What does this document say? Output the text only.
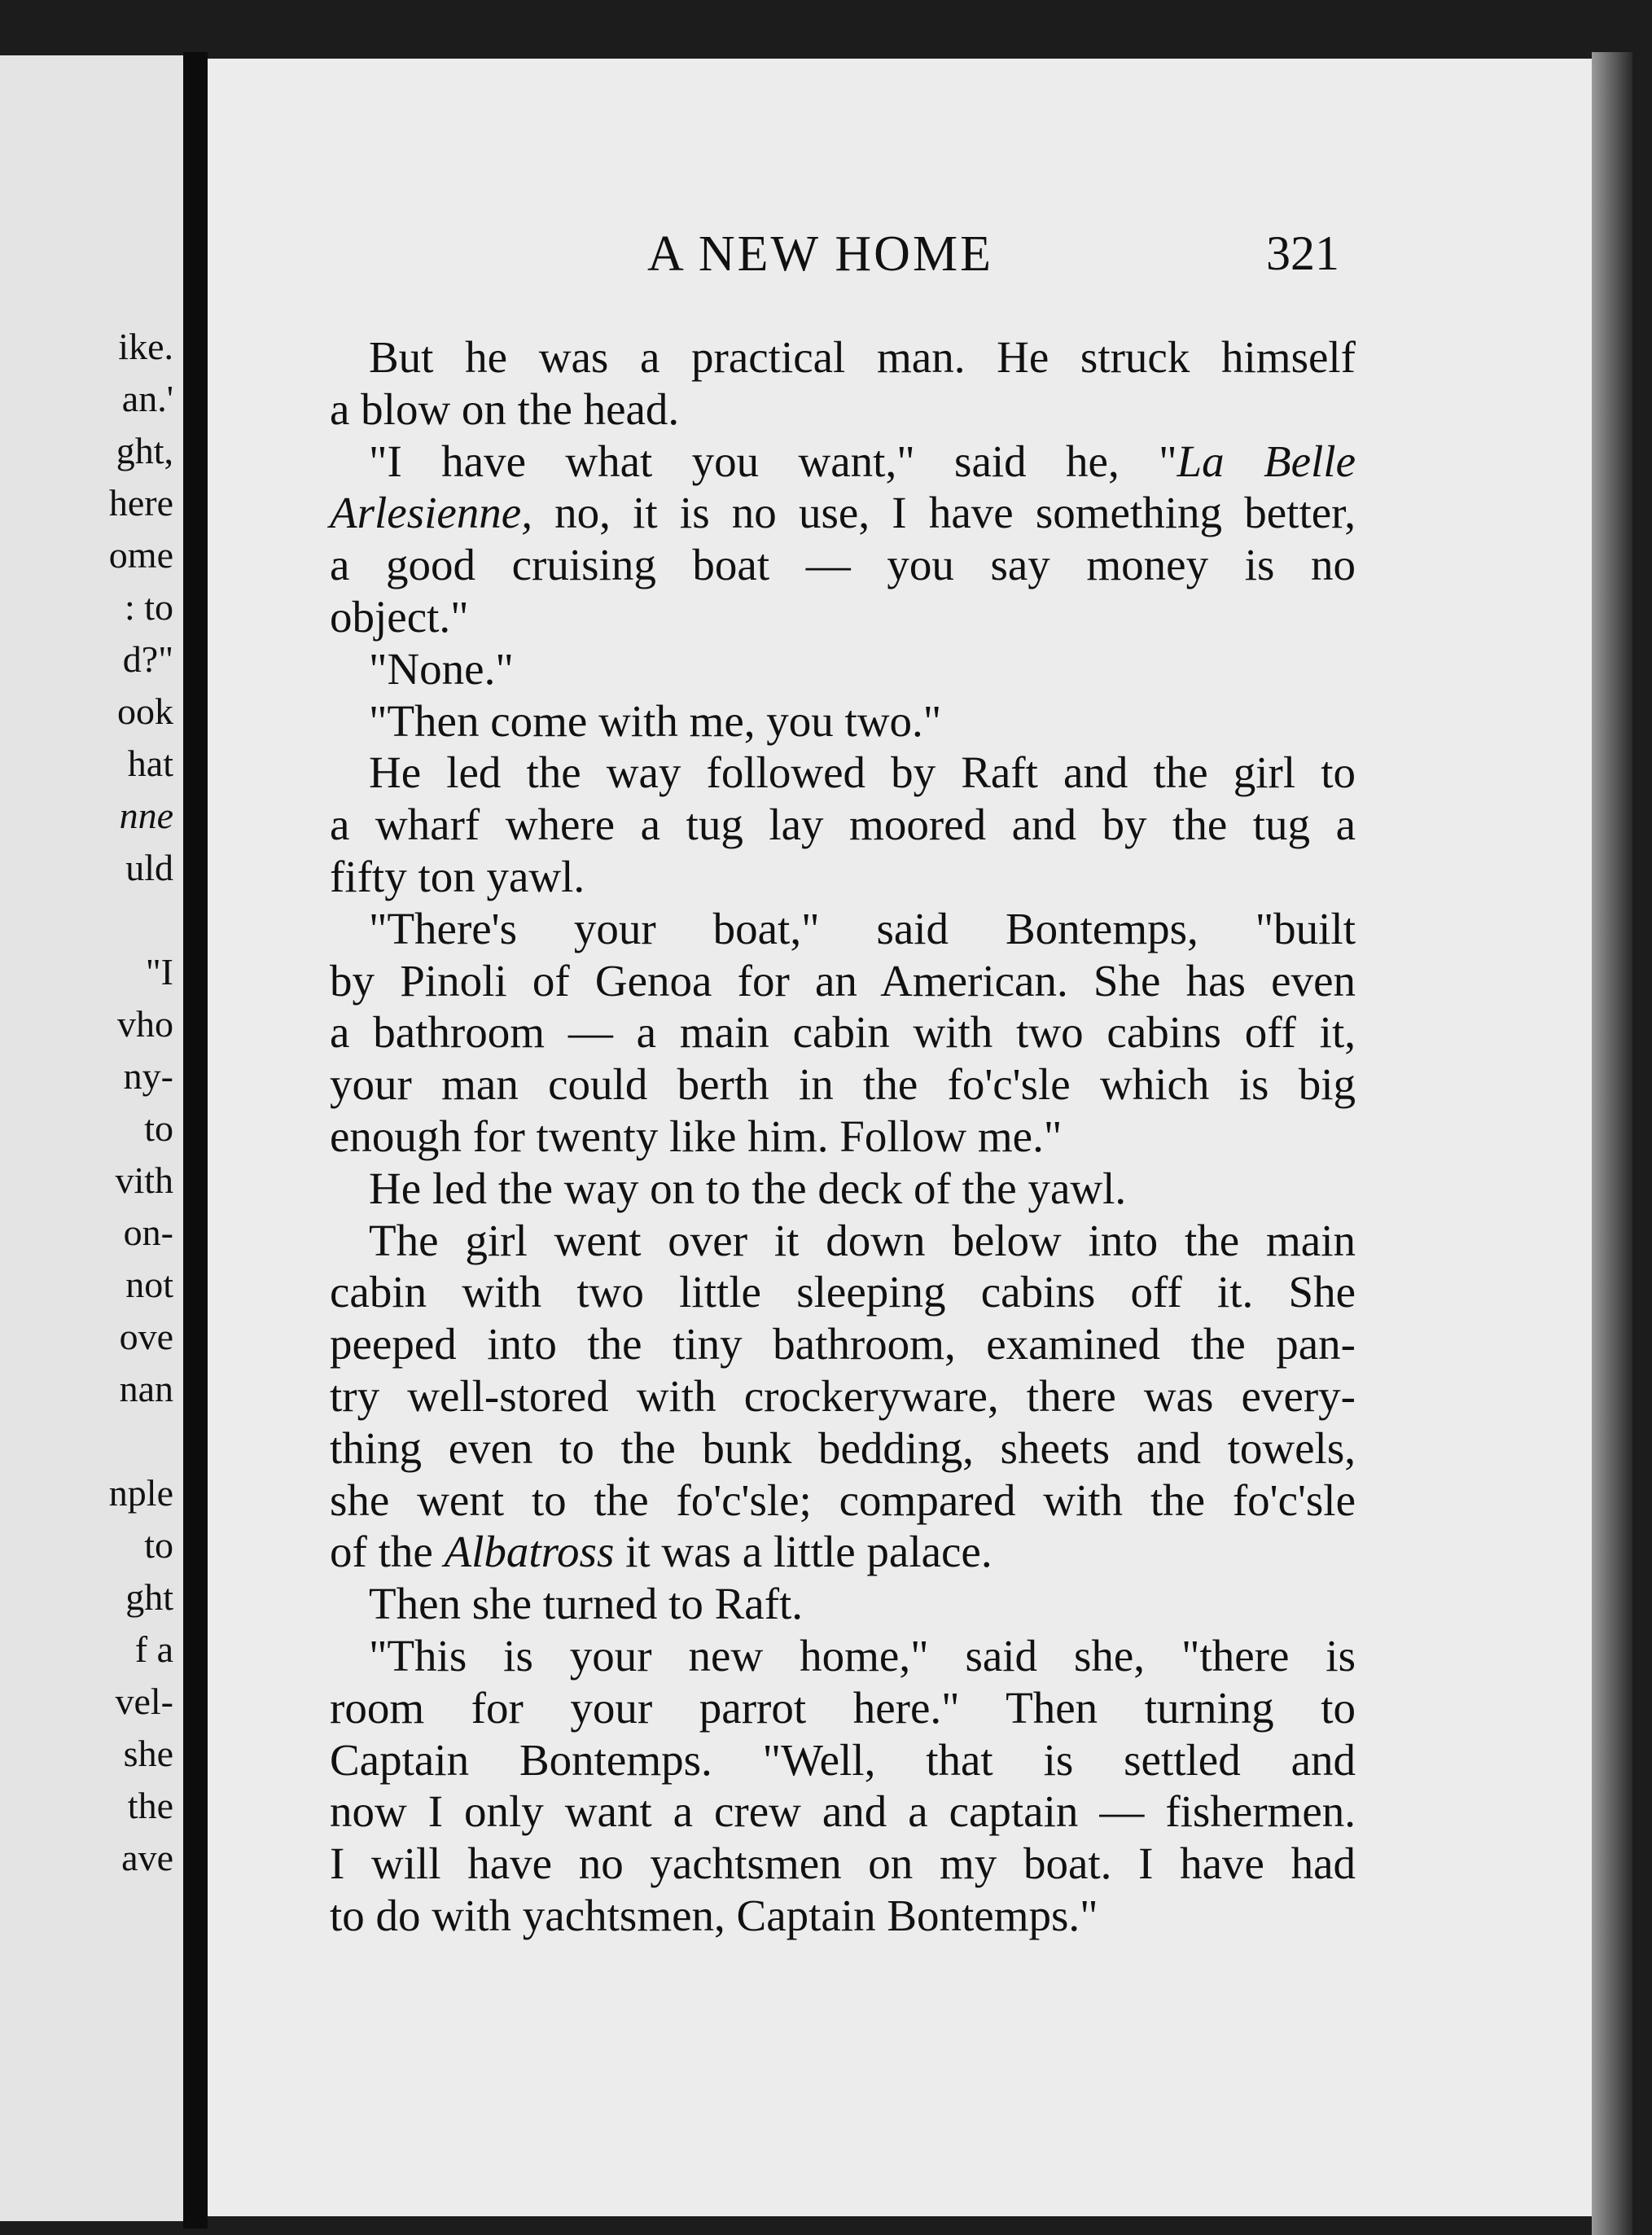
ike.
an.'
ght,
here
ome
: to
d?"
ook
hat
nne
uld
"I
vho
ny-
to
vith
on-
not
ove
nan
nple
to
ght
f a
vel-
she
the
ave
A NEW HOME	321
But he was a practical man. He struck himself
a blow on the head.
"I have what you want," said he, "La Belle
Arlesienne, no, it is no use, I have something better,
a good cruising boat — you say money is no
object."
"None."
"Then come with me, you two."
He led the way followed by Raft and the girl to
a wharf where a tug lay moored and by the tug a
fifty ton yawl.
"There's your boat," said Bontemps, "built
by Pinoli of Genoa for an American. She has even
a bathroom — a main cabin with two cabins off it,
your man could berth in the fo'c'sle which is big
enough for twenty like him. Follow me."
He led the way on to the deck of the yawl.
The girl went over it down below into the main
cabin with two little sleeping cabins off it. She
peeped into the tiny bathroom, examined the pan-
try well-stored with crockeryware, there was every-
thing even to the bunk bedding, sheets and towels,
she went to the fo'c'sle; compared with the fo'c'sle
of the Albatross it was a little palace.
Then she turned to Raft.
"This is your new home," said she, "there is
room for your parrot here." Then turning to
Captain Bontemps. "Well, that is settled and
now I only want a crew and a captain — fishermen.
I will have no yachtsmen on my boat. I have had
to do with yachtsmen, Captain Bontemps."
